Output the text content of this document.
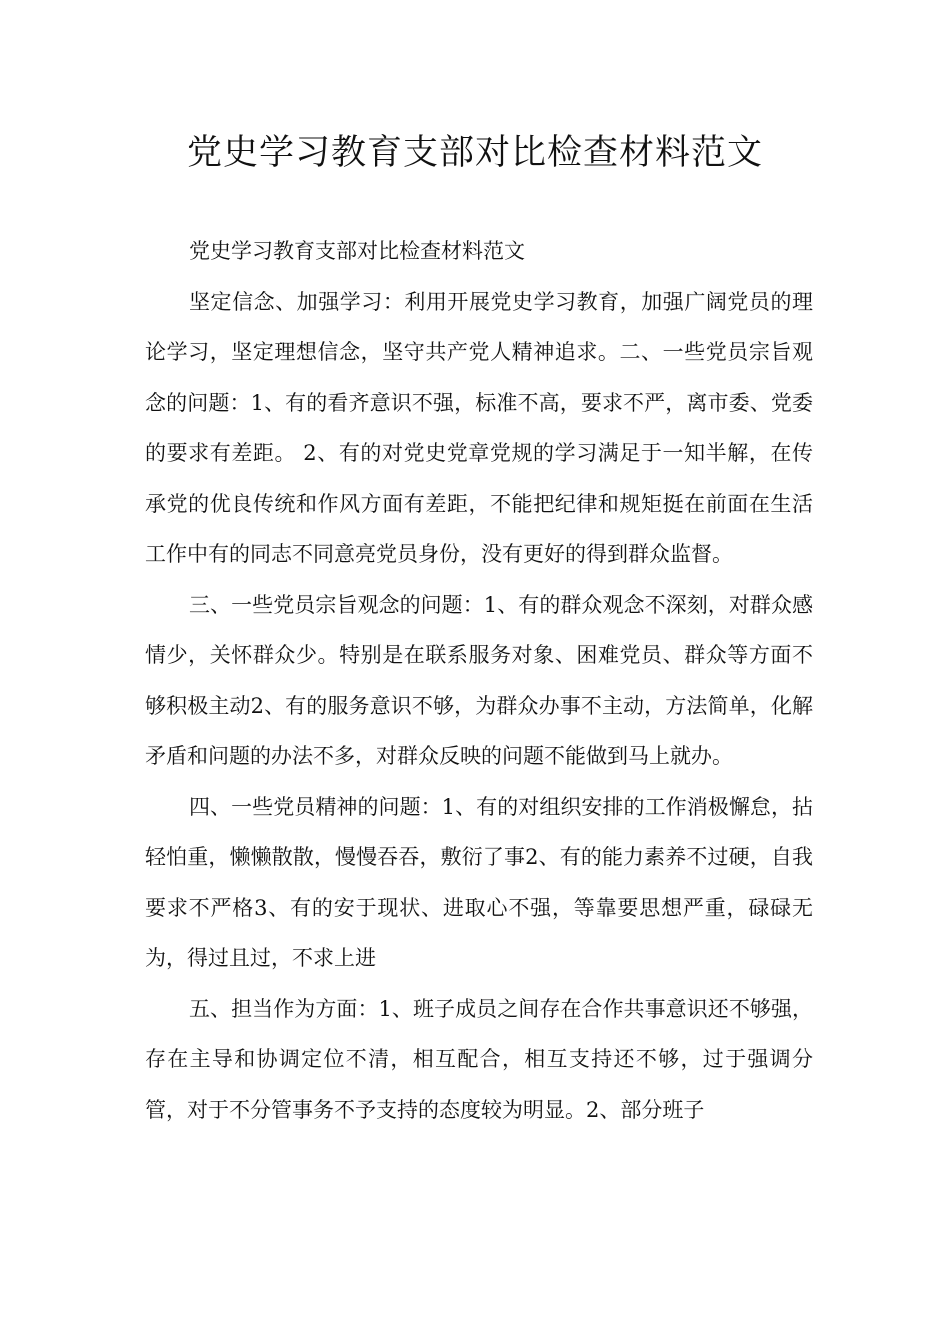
党史学习教育支部对比检查材料范文

党史学习教育支部对比检查材料范文

坚定信念、加强学习：利用开展党史学习教育，加强广阔党员的理论学习，坚定理想信念，坚守共产党人精神追求。二、一些党员宗旨观念的问题：1、有的看齐意识不强，标准不高，要求不严，离市委、党委的要求有差距。 2、有的对党史党章党规的学习满足于一知半解，在传承党的优良传统和作风方面有差距，不能把纪律和规矩挺在前面在生活工作中有的同志不同意亮党员身份，没有更好的得到群众监督。

三、一些党员宗旨观念的问题：1、有的群众观念不深刻，对群众感情少，关怀群众少。特别是在联系服务对象、困难党员、群众等方面不够积极主动2、有的服务意识不够，为群众办事不主动，方法简单，化解矛盾和问题的办法不多，对群众反映的问题不能做到马上就办。

四、一些党员精神的问题：1、有的对组织安排的工作消极懈怠，拈轻怕重，懒懒散散，慢慢吞吞，敷衍了事2、有的能力素养不过硬，自我要求不严格3、有的安于现状、进取心不强，等靠要思想严重，碌碌无为，得过且过，不求上进

五、担当作为方面：1、班子成员之间存在合作共事意识还不够强，存在主导和协调定位不清，相互配合，相互支持还不够，过于强调分管，对于不分管事务不予支持的态度较为明显。2、部分班子
